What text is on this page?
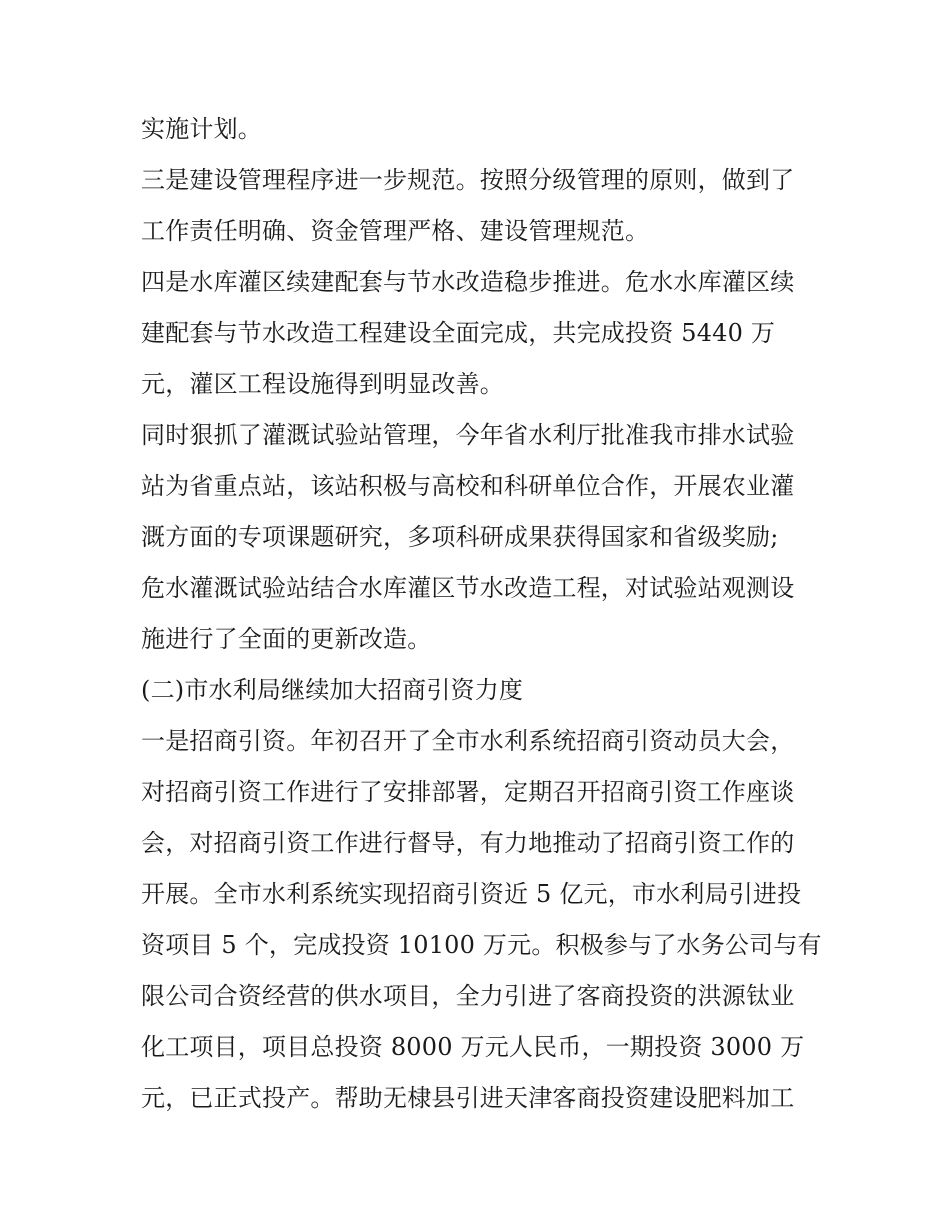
实施计划。
三是建设管理程序进一步规范。按照分级管理的原则，做到了
工作责任明确、资金管理严格、建设管理规范。
四是水库灌区续建配套与节水改造稳步推进。危水水库灌区续
建配套与节水改造工程建设全面完成，共完成投资 5440 万
元，灌区工程设施得到明显改善。
同时狠抓了灌溉试验站管理，今年省水利厅批准我市排水试验
站为省重点站，该站积极与高校和科研单位合作，开展农业灌
溉方面的专项课题研究，多项科研成果获得国家和省级奖励;
危水灌溉试验站结合水库灌区节水改造工程，对试验站观测设
施进行了全面的更新改造。
(二)市水利局继续加大招商引资力度
一是招商引资。年初召开了全市水利系统招商引资动员大会，
对招商引资工作进行了安排部署，定期召开招商引资工作座谈
会，对招商引资工作进行督导，有力地推动了招商引资工作的
开展。全市水利系统实现招商引资近 5 亿元，市水利局引进投
资项目 5 个，完成投资 10100 万元。积极参与了水务公司与有
限公司合资经营的供水项目，全力引进了客商投资的洪源钛业
化工项目，项目总投资 8000 万元人民币，一期投资 3000 万
元，已正式投产。帮助无棣县引进天津客商投资建设肥料加工
